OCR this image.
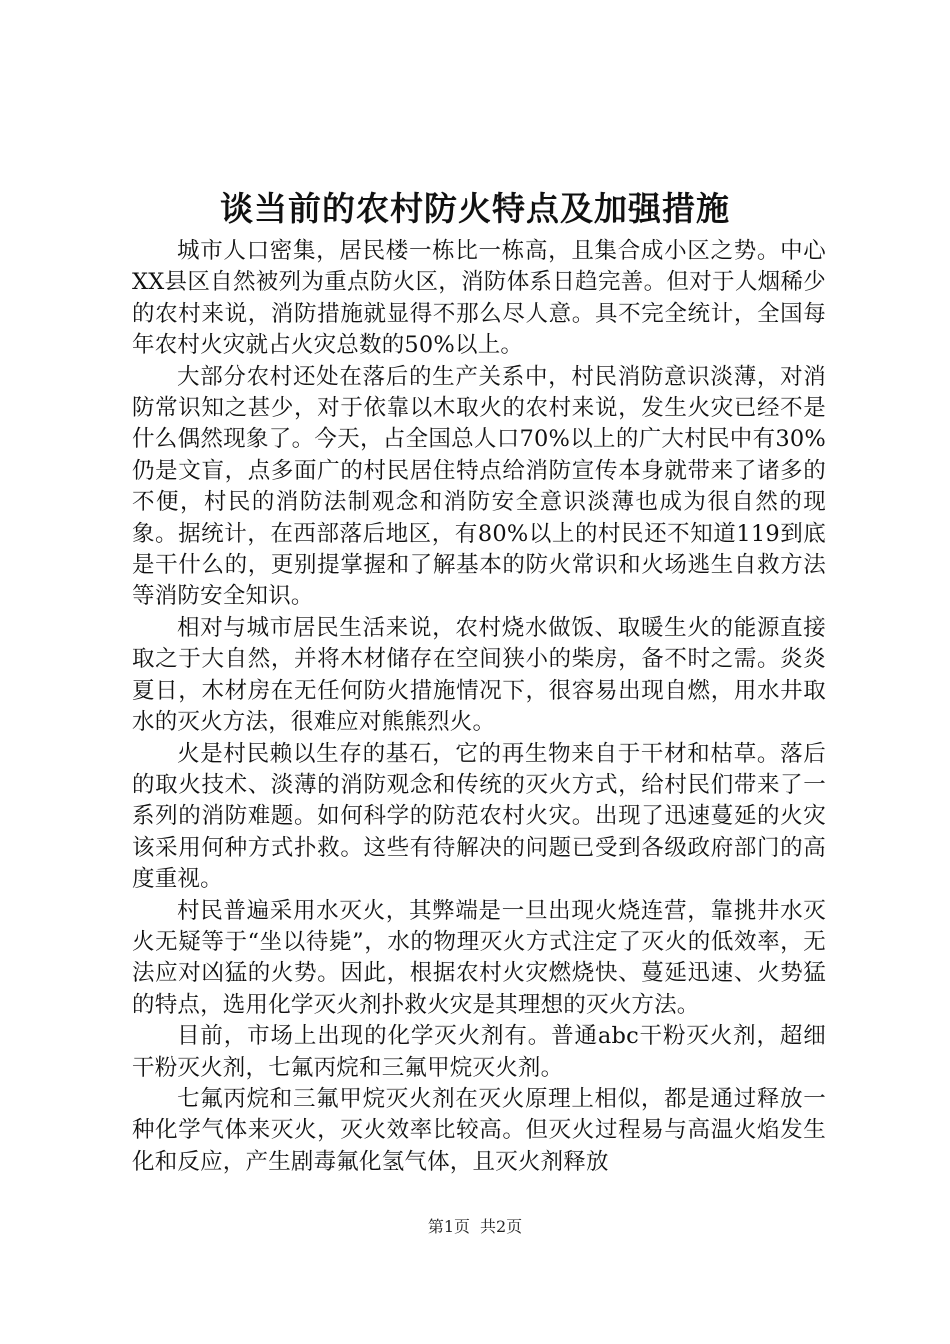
谈当前的农村防火特点及加强措施

城市人口密集，居民楼一栋比一栋高，且集合成小区之势。中心XX县区自然被列为重点防火区，消防体系日趋完善。但对于人烟稀少的农村来说，消防措施就显得不那么尽人意。具不完全统计，全国每年农村火灾就占火灾总数的50%以上。

大部分农村还处在落后的生产关系中，村民消防意识淡薄，对消防常识知之甚少，对于依靠以木取火的农村来说，发生火灾已经不是什么偶然现象了。今天，占全国总人口70%以上的广大村民中有30%仍是文盲，点多面广的村民居住特点给消防宣传本身就带来了诸多的不便，村民的消防法制观念和消防安全意识淡薄也成为很自然的现象。据统计，在西部落后地区，有80%以上的村民还不知道119到底是干什么的，更别提掌握和了解基本的防火常识和火场逃生自救方法等消防安全知识。

相对与城市居民生活来说，农村烧水做饭、取暖生火的能源直接取之于大自然，并将木材储存在空间狭小的柴房，备不时之需。炎炎夏日，木材房在无任何防火措施情况下，很容易出现自燃，用水井取水的灭火方法，很难应对熊熊烈火。

火是村民赖以生存的基石，它的再生物来自于干材和枯草。落后的取火技术、淡薄的消防观念和传统的灭火方式，给村民们带来了一系列的消防难题。如何科学的防范农村火灾。出现了迅速蔓延的火灾该采用何种方式扑救。这些有待解决的问题已受到各级政府部门的高度重视。

村民普遍采用水灭火，其弊端是一旦出现火烧连营，靠挑井水灭火无疑等于“坐以待毙”，水的物理灭火方式注定了灭火的低效率，无法应对凶猛的火势。因此，根据农村火灾燃烧快、蔓延迅速、火势猛的特点，选用化学灭火剂扑救火灾是其理想的灭火方法。

目前，市场上出现的化学灭火剂有。普通abc干粉灭火剂，超细干粉灭火剂，七氟丙烷和三氟甲烷灭火剂。

七氟丙烷和三氟甲烷灭火剂在灭火原理上相似，都是通过释放一种化学气体来灭火，灭火效率比较高。但灭火过程易与高温火焰发生化和反应，产生剧毒氟化氢气体，且灭火剂释放

第1页 共2页
